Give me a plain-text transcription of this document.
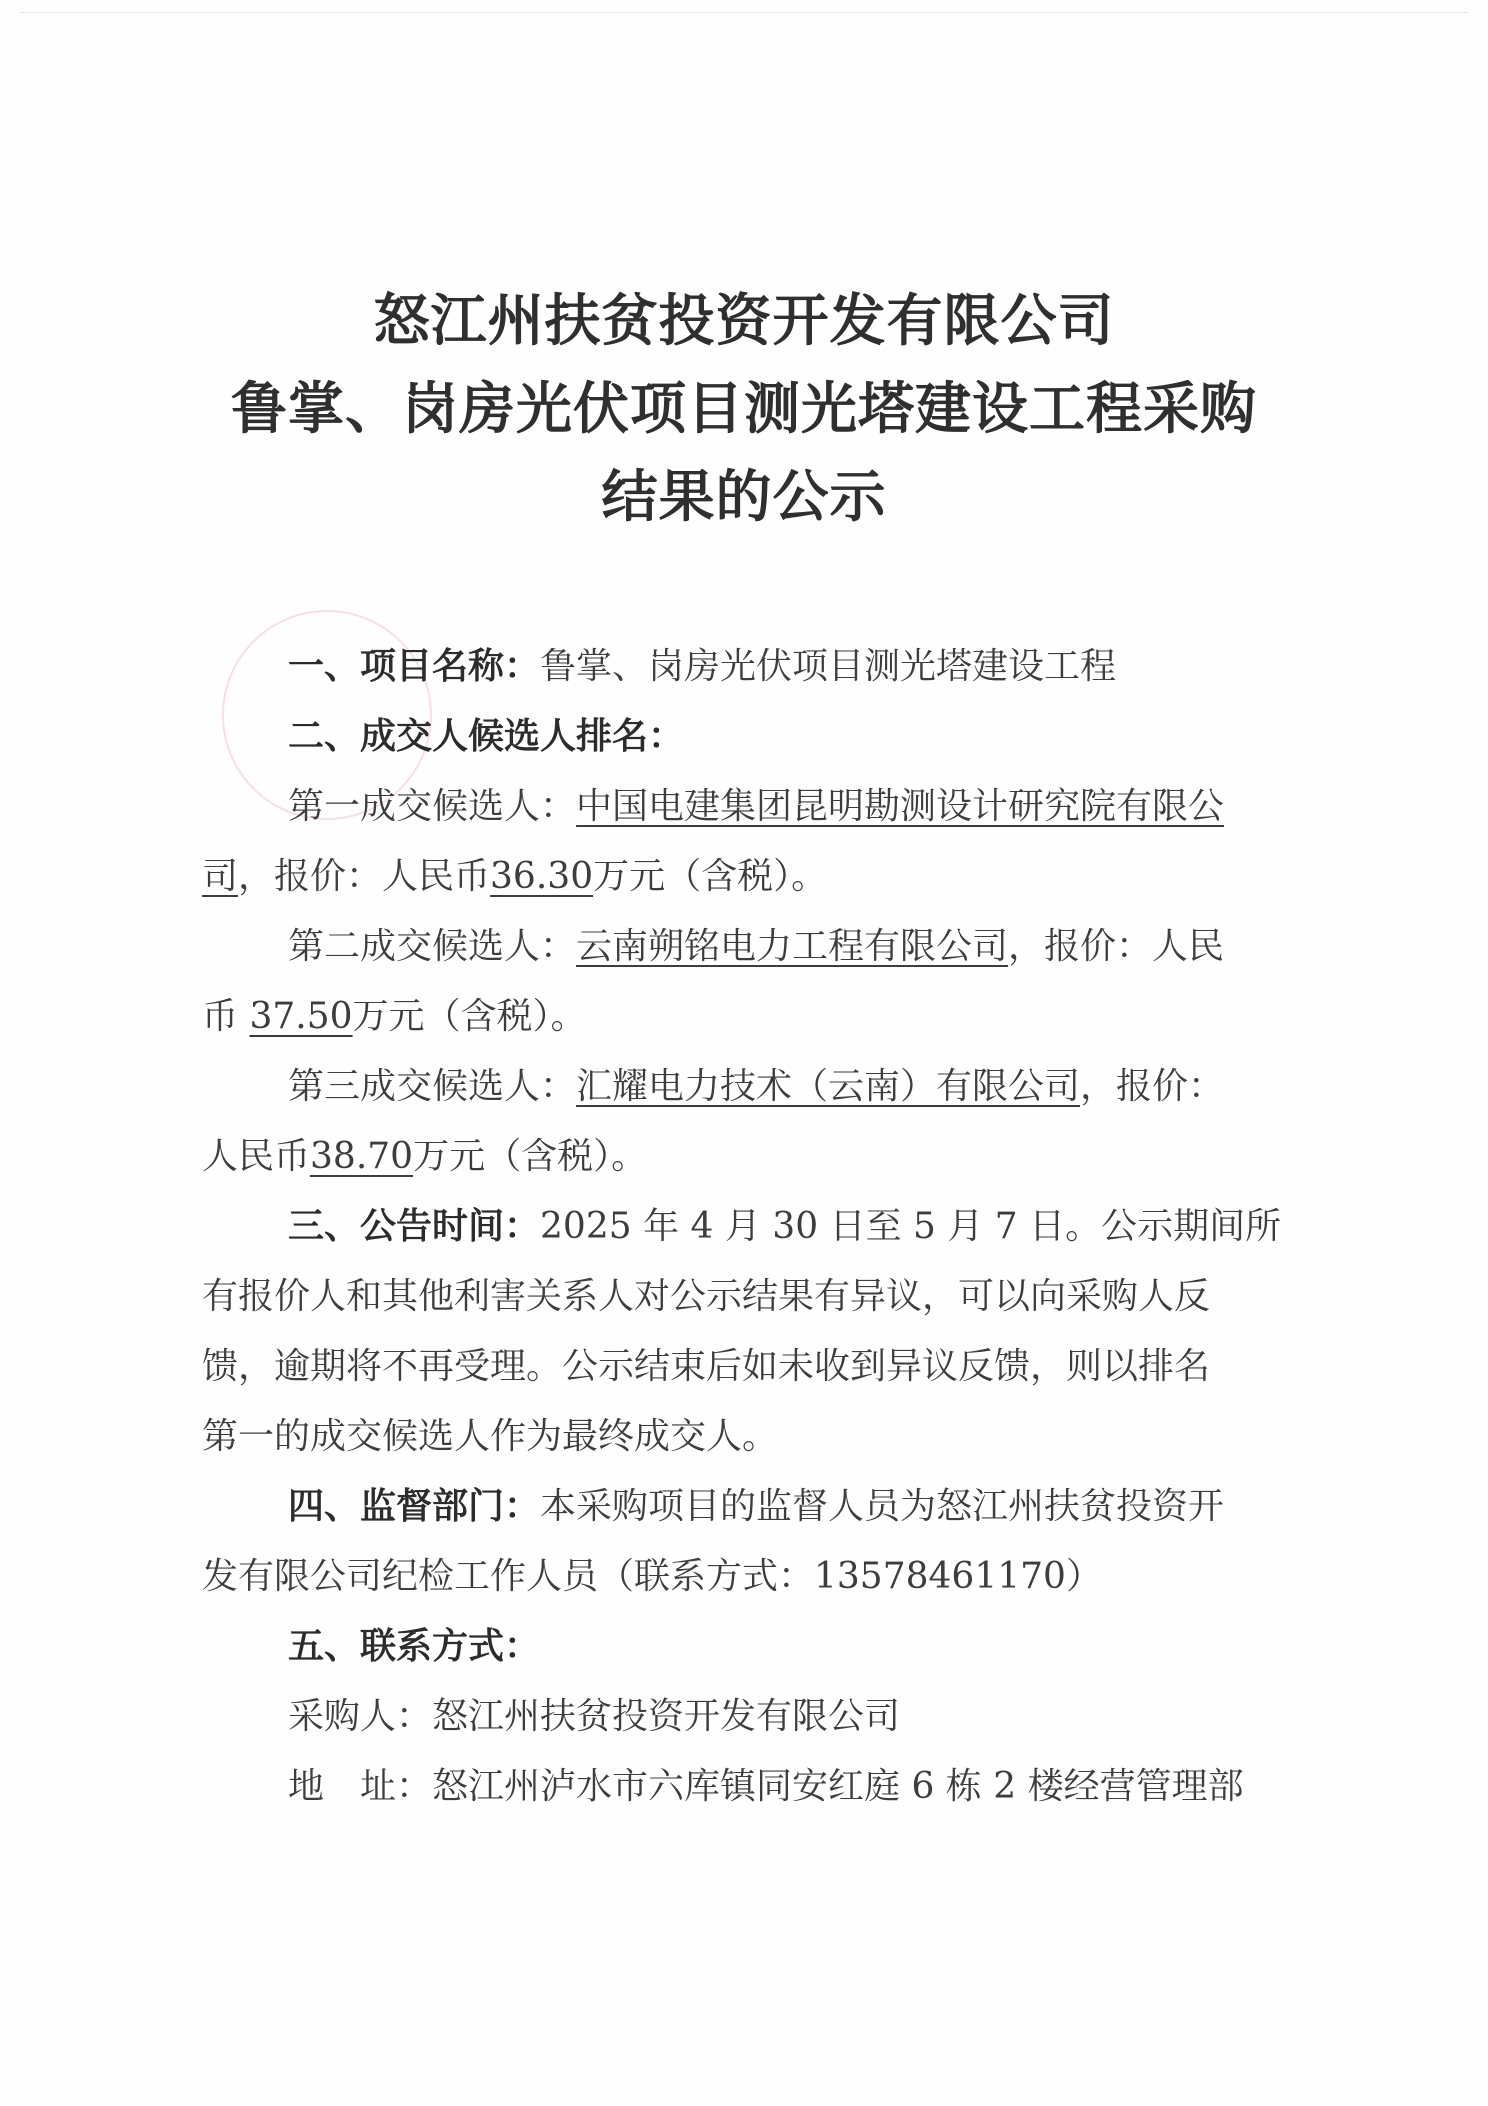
怒江州扶贫投资开发有限公司
鲁掌、岗房光伏项目测光塔建设工程采购
结果的公示
一、项目名称：鲁掌、岗房光伏项目测光塔建设工程
二、成交人候选人排名：
第一成交候选人：中国电建集团昆明勘测设计研究院有限公
司，报价：人民币36.30万元（含税）。
第二成交候选人：云南朔铭电力工程有限公司，报价：人民
币 37.50万元（含税）。
第三成交候选人：汇耀电力技术（云南）有限公司，报价：
人民币38.70万元（含税）。
三、公告时间：2025 年 4 月 30 日至 5 月 7 日。公示期间所
有报价人和其他利害关系人对公示结果有异议，可以向采购人反
馈，逾期将不再受理。公示结束后如未收到异议反馈，则以排名
第一的成交候选人作为最终成交人。
四、监督部门：本采购项目的监督人员为怒江州扶贫投资开
发有限公司纪检工作人员（联系方式：13578461170）
五、联系方式：
采购人：怒江州扶贫投资开发有限公司
地　址：怒江州泸水市六库镇同安红庭 6 栋 2 楼经营管理部
